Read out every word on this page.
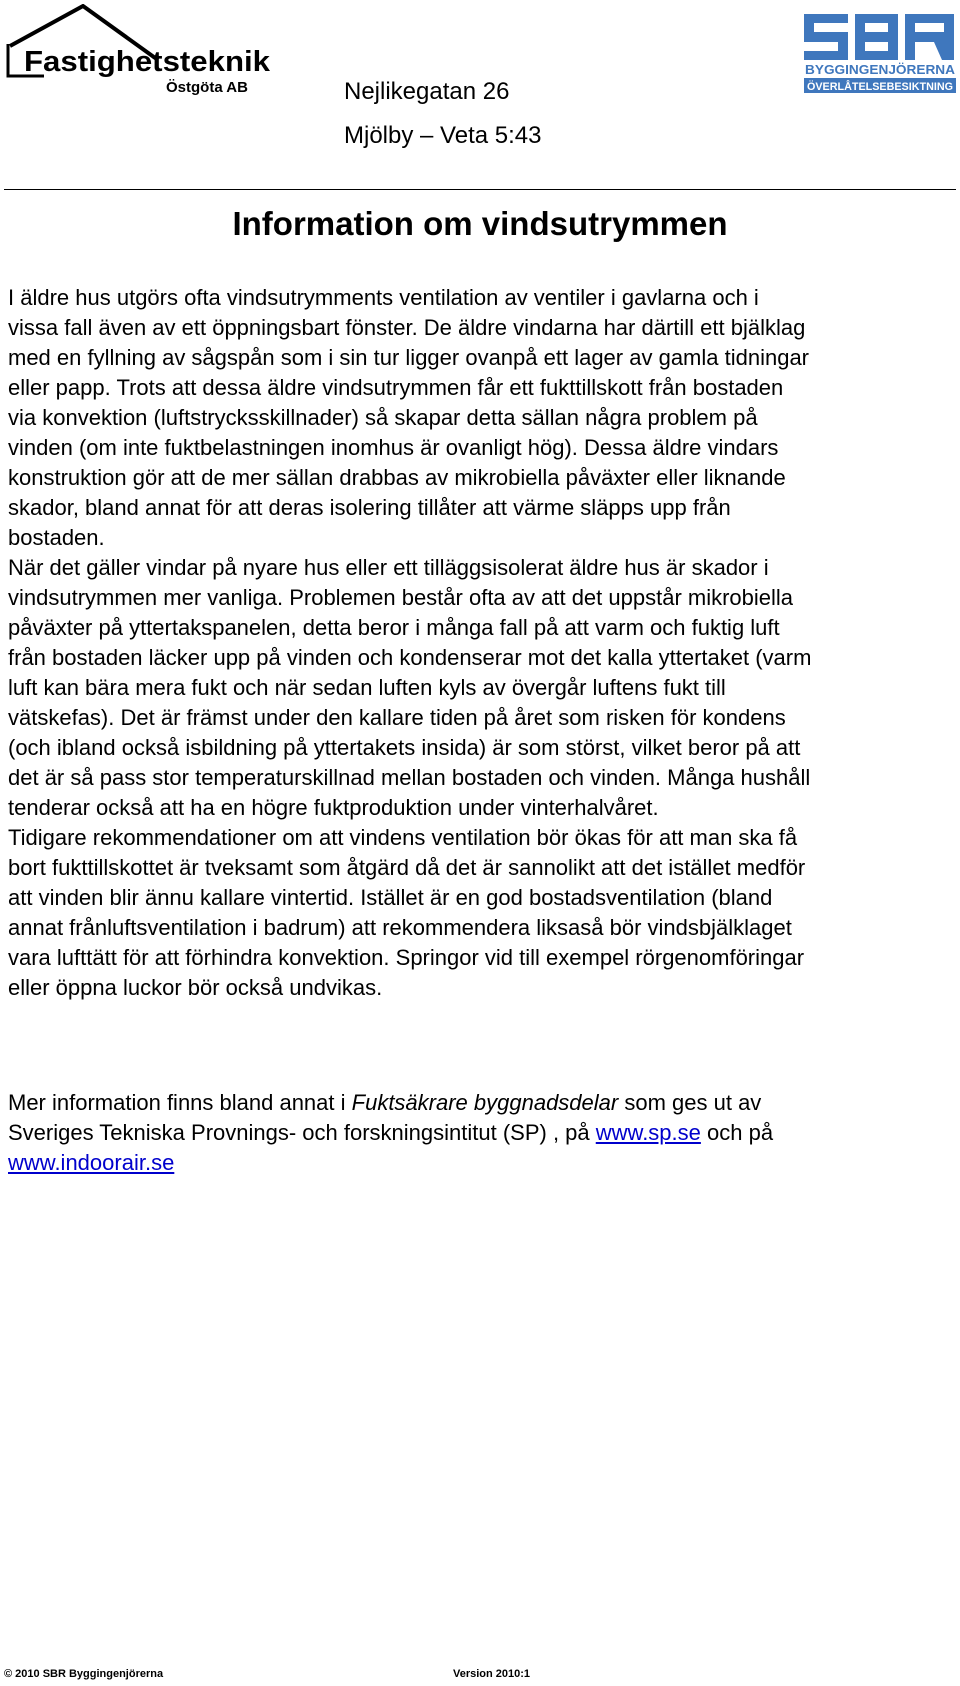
Fastighetsteknik
Östgöta AB
BYGGINGENJÖRERNA
ÖVERLÅTELSEBESIKTNING
Nejlikegatan 26
Mjölby – Veta 5:43
Information om vindsutrymmen
I äldre hus utgörs ofta vindsutrymments ventilation av ventiler i gavlarna och i
vissa fall även av ett öppningsbart fönster. De äldre vindarna har därtill ett bjälklag
med en fyllning av sågspån som i sin tur ligger ovanpå ett lager av gamla tidningar
eller papp. Trots att dessa äldre vindsutrymmen får ett fukttillskott från bostaden
via konvektion (luftstrycksskillnader) så skapar detta sällan några problem på
vinden (om inte fuktbelastningen inomhus är ovanligt hög). Dessa äldre vindars
konstruktion gör att de mer sällan drabbas av mikrobiella påväxter eller liknande
skador, bland annat för att deras isolering tillåter att värme släpps upp från
bostaden.
När det gäller vindar på nyare hus eller ett tilläggsisolerat äldre hus är skador i
vindsutrymmen mer vanliga. Problemen består ofta av att det uppstår mikrobiella
påväxter på yttertakspanelen, detta beror i många fall på att varm och fuktig luft
från bostaden läcker upp på vinden och kondenserar mot det kalla yttertaket (varm
luft kan bära mera fukt och när sedan luften kyls av övergår luftens fukt till
vätskefas). Det är främst under den kallare tiden på året som risken för kondens
(och ibland också isbildning på yttertakets insida) är som störst, vilket beror på att
det är så pass stor temperaturskillnad mellan bostaden och vinden. Många hushåll
tenderar också att ha en högre fuktproduktion under vinterhalvåret.
Tidigare rekommendationer om att vindens ventilation bör ökas för att man ska få
bort fukttillskottet är tveksamt som åtgärd då det är sannolikt att det istället medför
att vinden blir ännu kallare vintertid. Istället är en god bostadsventilation (bland
annat frånluftsventilation i badrum) att rekommendera liksaså bör vindsbjälklaget
vara lufttätt för att förhindra konvektion. Springor vid till exempel rörgenomföringar
eller öppna luckor bör också undvikas.
Mer information finns bland annat i Fuktsäkrare byggnadsdelar som ges ut av
Sveriges Tekniska Provnings- och forskningsintitut (SP) , på www.sp.se och på
www.indoorair.se
© 2010 SBR Byggingenjörerna	Version 2010:1
